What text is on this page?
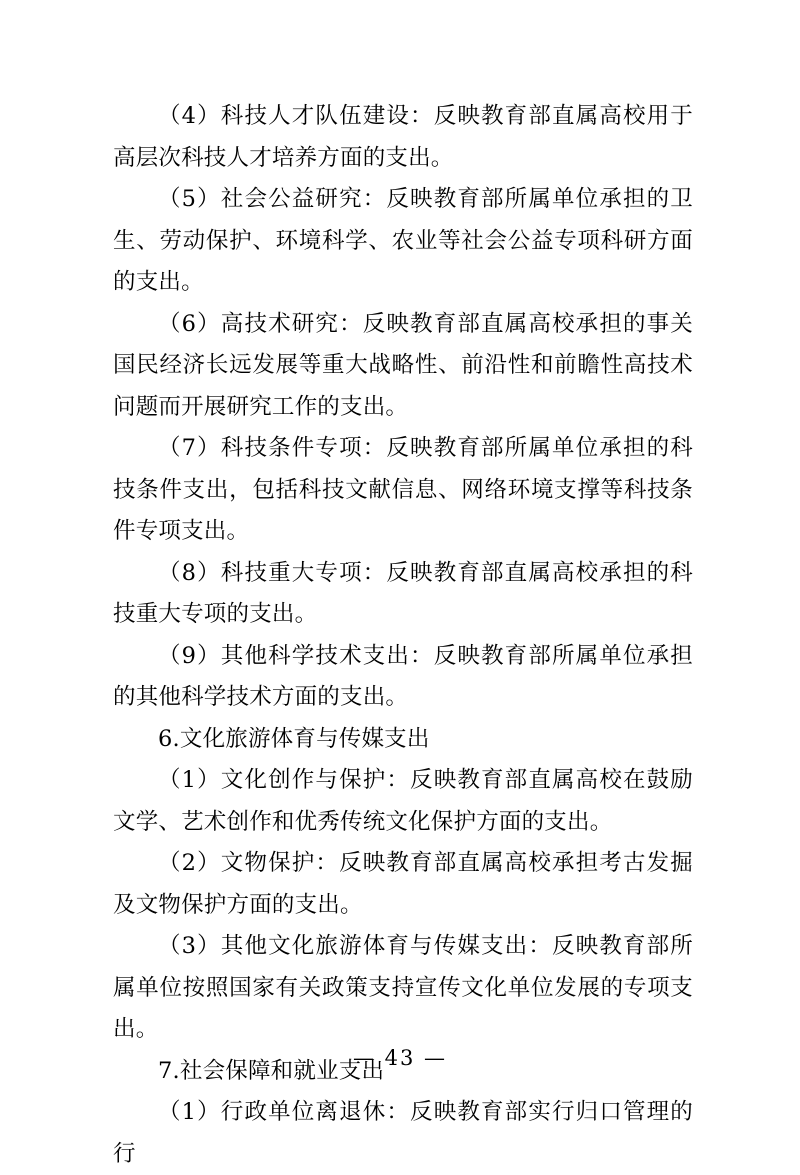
（4）科技人才队伍建设：反映教育部直属高校用于高层次科技人才培养方面的支出。

（5）社会公益研究：反映教育部所属单位承担的卫生、劳动保护、环境科学、农业等社会公益专项科研方面的支出。

（6）高技术研究：反映教育部直属高校承担的事关国民经济长远发展等重大战略性、前沿性和前瞻性高技术问题而开展研究工作的支出。

（7）科技条件专项：反映教育部所属单位承担的科技条件支出，包括科技文献信息、网络环境支撑等科技条件专项支出。

（8）科技重大专项：反映教育部直属高校承担的科技重大专项的支出。

（9）其他科学技术支出：反映教育部所属单位承担的其他科学技术方面的支出。

6.文化旅游体育与传媒支出

（1）文化创作与保护：反映教育部直属高校在鼓励文学、艺术创作和优秀传统文化保护方面的支出。

（2）文物保护：反映教育部直属高校承担考古发掘及文物保护方面的支出。

（3）其他文化旅游体育与传媒支出：反映教育部所属单位按照国家有关政策支持宣传文化单位发展的专项支出。

7.社会保障和就业支出

（1）行政单位离退休：反映教育部实行归口管理的行

— 43 —
